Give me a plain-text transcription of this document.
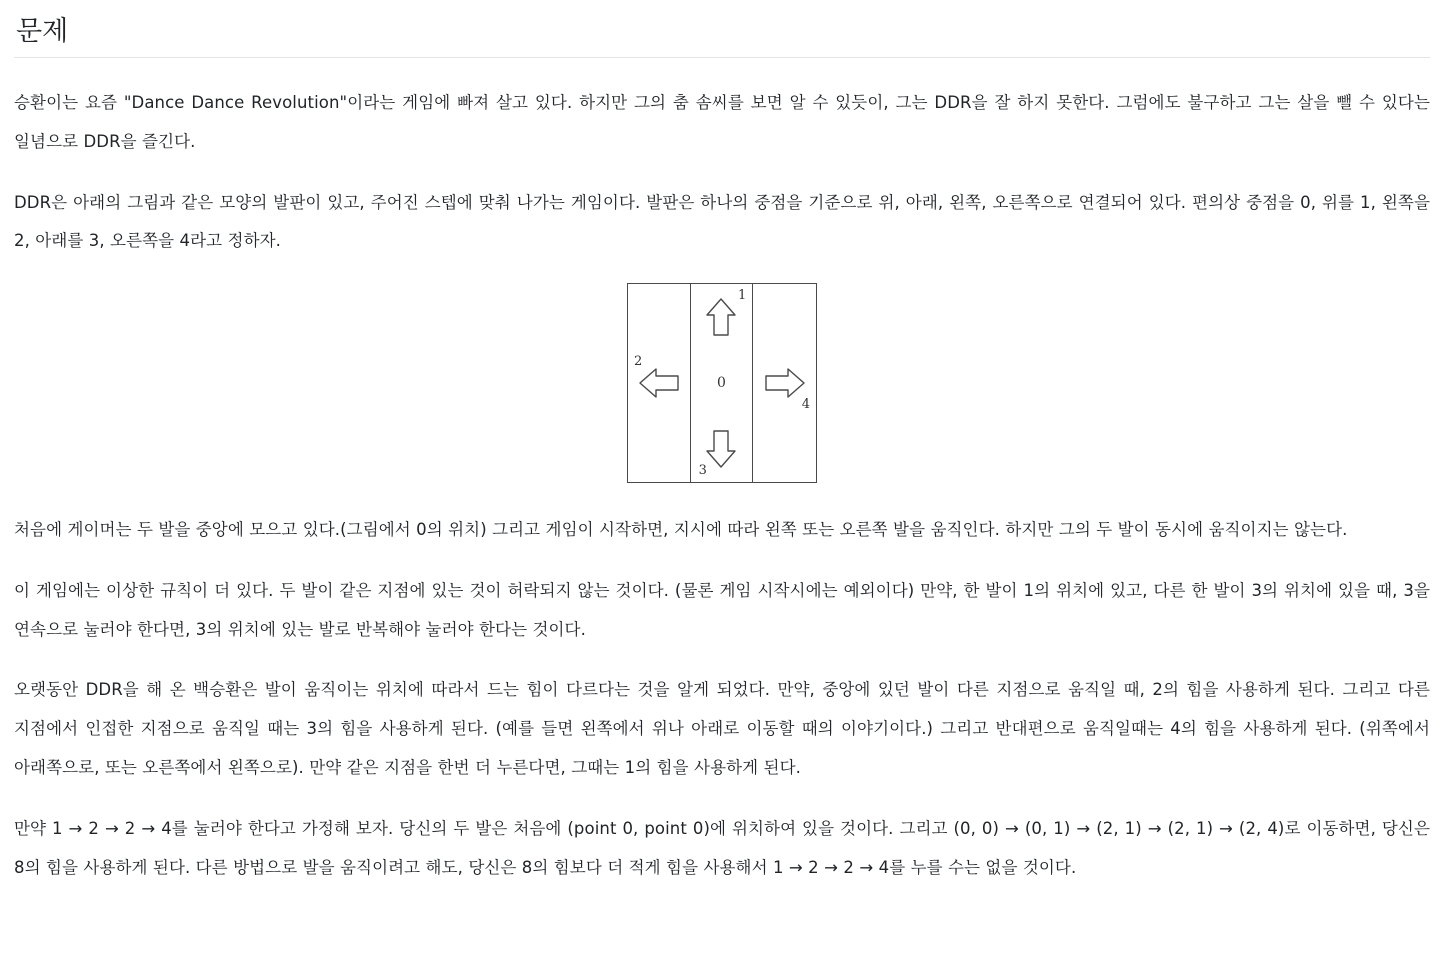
문제

승환이는 요즘 "Dance Dance Revolution"이라는 게임에 빠져 살고 있다. 하지만 그의 춤 솜씨를 보면 알 수 있듯이, 그는 DDR을 잘 하지 못한다. 그럼에도 불구하고 그는 살을 뺄 수 있다는 일념으로 DDR을 즐긴다.

DDR은 아래의 그림과 같은 모양의 발판이 있고, 주어진 스텝에 맞춰 나가는 게임이다. 발판은 하나의 중점을 기준으로 위, 아래, 왼쪽, 오른쪽으로 연결되어 있다. 편의상 중점을 0, 위를 1, 왼쪽을 2, 아래를 3, 오른쪽을 4라고 정하자.

1
2
0
4
3

처음에 게이머는 두 발을 중앙에 모으고 있다.(그림에서 0의 위치) 그리고 게임이 시작하면, 지시에 따라 왼쪽 또는 오른쪽 발을 움직인다. 하지만 그의 두 발이 동시에 움직이지는 않는다.

이 게임에는 이상한 규칙이 더 있다. 두 발이 같은 지점에 있는 것이 허락되지 않는 것이다. (물론 게임 시작시에는 예외이다) 만약, 한 발이 1의 위치에 있고, 다른 한 발이 3의 위치에 있을 때, 3을 연속으로 눌러야 한다면, 3의 위치에 있는 발로 반복해야 눌러야 한다는 것이다.

오랫동안 DDR을 해 온 백승환은 발이 움직이는 위치에 따라서 드는 힘이 다르다는 것을 알게 되었다. 만약, 중앙에 있던 발이 다른 지점으로 움직일 때, 2의 힘을 사용하게 된다. 그리고 다른 지점에서 인접한 지점으로 움직일 때는 3의 힘을 사용하게 된다. (예를 들면 왼쪽에서 위나 아래로 이동할 때의 이야기이다.) 그리고 반대편으로 움직일때는 4의 힘을 사용하게 된다. (위쪽에서 아래쪽으로, 또는 오른쪽에서 왼쪽으로). 만약 같은 지점을 한번 더 누른다면, 그때는 1의 힘을 사용하게 된다.

만약 1 → 2 → 2 → 4를 눌러야 한다고 가정해 보자. 당신의 두 발은 처음에 (point 0, point 0)에 위치하여 있을 것이다. 그리고 (0, 0) → (0, 1) → (2, 1) → (2, 1) → (2, 4)로 이동하면, 당신은 8의 힘을 사용하게 된다. 다른 방법으로 발을 움직이려고 해도, 당신은 8의 힘보다 더 적게 힘을 사용해서 1 → 2 → 2 → 4를 누를 수는 없을 것이다.
